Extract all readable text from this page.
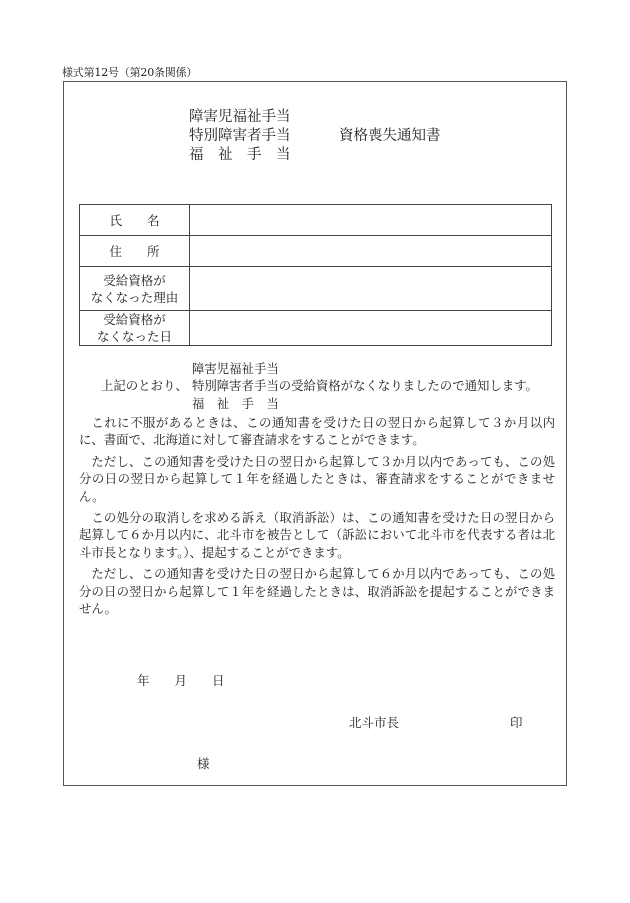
様式第12号（第20条関係）
障害児福祉手当
特別障害者手当	資格喪失通知書
福　祉　手　当
氏　　名	
住　　所	
受給資格が
なくなった理由	
受給資格が
なくなった日	
障害児福祉手当
上記のとおり、 特別障害者手当の受給資格がなくなりましたので通知します。
福　祉　手　当

これに不服があるときは、この通知書を受けた日の翌日から起算して３か月以内に、書面で、北海道に対して審査請求をすることができます。

ただし、この通知書を受けた日の翌日から起算して３か月以内であっても、この処分の日の翌日から起算して１年を経過したときは、審査請求をすることができません。

この処分の取消しを求める訴え（取消訴訟）は、この通知書を受けた日の翌日から起算して６か月以内に、北斗市を被告として（訴訟において北斗市を代表する者は北斗市長となります。）、提起することができます。

ただし、この通知書を受けた日の翌日から起算して６か月以内であっても、この処分の日の翌日から起算して１年を経過したときは、取消訴訟を提起することができません。

年　　月　　日
北斗市長	印
様
